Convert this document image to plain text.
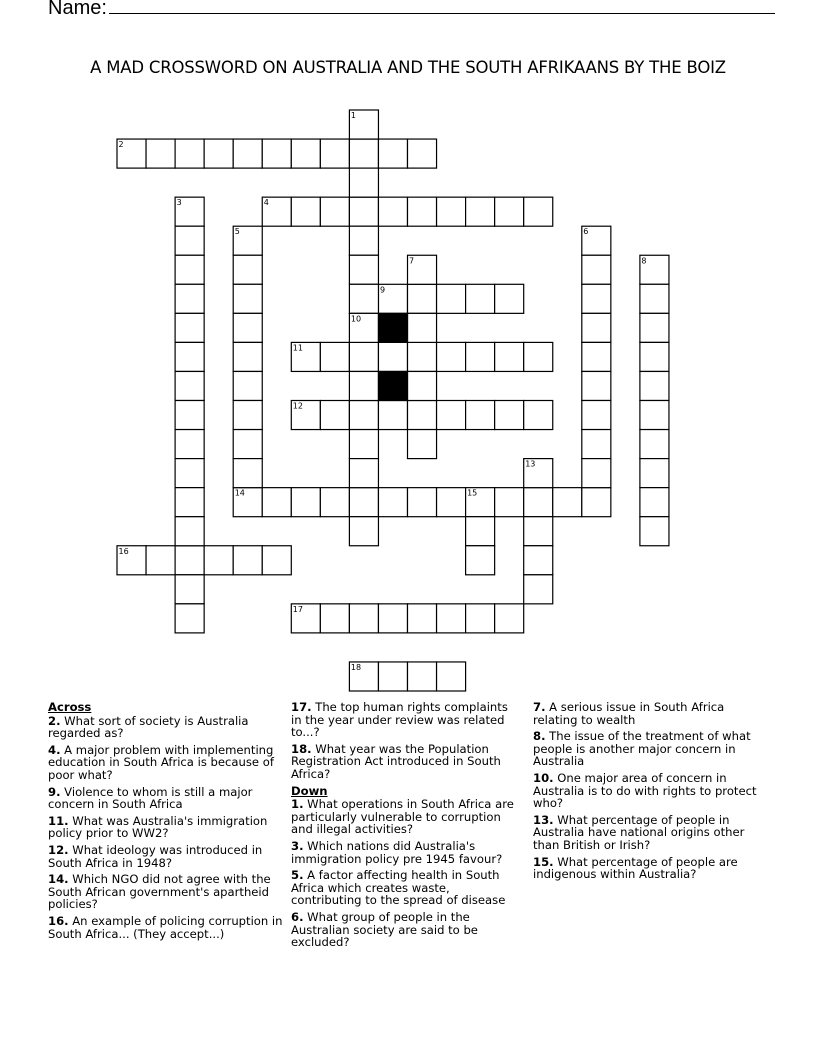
Name:
A MAD CROSSWORD ON AUSTRALIA AND THE SOUTH AFRIKAANS BY THE BOIZ
2
4
9
11
12
14
16
17
18
1
3
5	6
7	8
10
13
15
Across
2. What sort of society is Australia regarded as?
4. A major problem with implementing education in South Africa is because of poor what?
9. Violence to whom is still a major concern in South Africa
11. What was Australia's immigration policy prior to WW2?
12. What ideology was introduced in South Africa in 1948?
14. Which NGO did not agree with the South African government's apartheid policies?
16. An example of policing corruption in South Africa... (They accept...)
17. The top human rights complaints in the year under review was related to...?
18. What year was the Population Registration Act introduced in South Africa?
Down
1. What operations in South Africa are particularly vulnerable to corruption and illegal activities?
3. Which nations did Australia's immigration policy pre 1945 favour?
5. A factor affecting health in South Africa which creates waste, contributing to the spread of disease
6. What group of people in the Australian society are said to be excluded?
7. A serious issue in South Africa relating to wealth
8. The issue of the treatment of what people is another major concern in Australia
10. One major area of concern in Australia is to do with rights to protect who?
13. What percentage of people in Australia have national origins other than British or Irish?
15. What percentage of people are indigenous within Australia?
